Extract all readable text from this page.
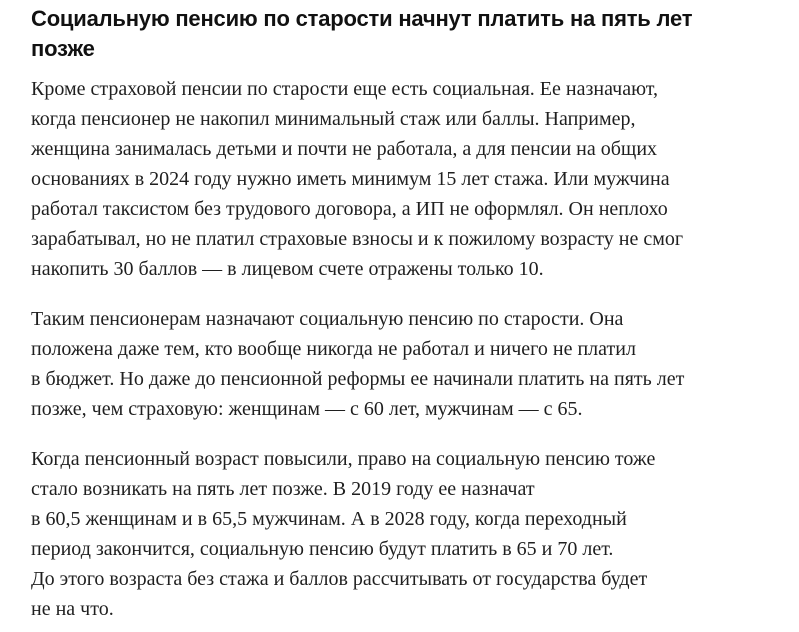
Социальную пенсию по старости начнут платить на пять лет
позже

Кроме страховой пенсии по старости еще есть социальная. Ее назначают,
когда пенсионер не накопил минимальный стаж или баллы. Например,
женщина занималась детьми и почти не работала, а для пенсии на общих
основаниях в 2024 году нужно иметь минимум 15 лет стажа. Или мужчина
работал таксистом без трудового договора, а ИП не оформлял. Он неплохо
зарабатывал, но не платил страховые взносы и к пожилому возрасту не смог
накопить 30 баллов — в лицевом счете отражены только 10.

Таким пенсионерам назначают социальную пенсию по старости. Она
положена даже тем, кто вообще никогда не работал и ничего не платил
в бюджет. Но даже до пенсионной реформы ее начинали платить на пять лет
позже, чем страховую: женщинам — с 60 лет, мужчинам — с 65.

Когда пенсионный возраст повысили, право на социальную пенсию тоже
стало возникать на пять лет позже. В 2019 году ее назначат
в 60,5 женщинам и в 65,5 мужчинам. А в 2028 году, когда переходный
период закончится, социальную пенсию будут платить в 65 и 70 лет.
До этого возраста без стажа и баллов рассчитывать от государства будет
не на что.
